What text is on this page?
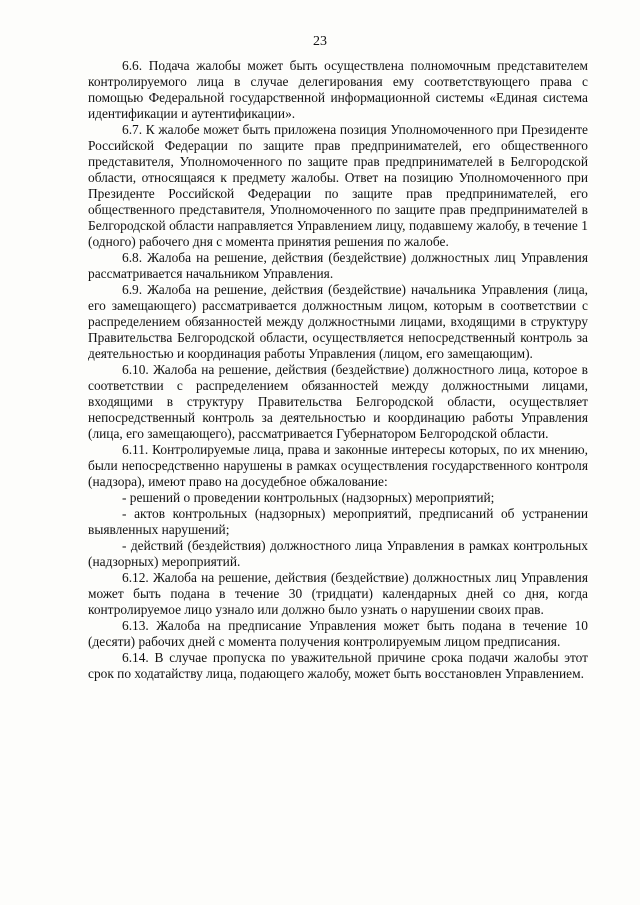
23

6.6. Подача жалобы может быть осуществлена полномочным представителем контролируемого лица в случае делегирования ему соответствующего права с помощью Федеральной государственной информационной системы «Единая система идентификации и аутентификации».

6.7. К жалобе может быть приложена позиция Уполномоченного при Президенте Российской Федерации по защите прав предпринимателей, его общественного представителя, Уполномоченного по защите прав предпринимателей в Белгородской области, относящаяся к предмету жалобы. Ответ на позицию Уполномоченного при Президенте Российской Федерации по защите прав предпринимателей, его общественного представителя, Уполномоченного по защите прав предпринимателей в Белгородской области направляется Управлением лицу, подавшему жалобу, в течение 1 (одного) рабочего дня с момента принятия решения по жалобе.

6.8. Жалоба на решение, действия (бездействие) должностных лиц Управления рассматривается начальником Управления.

6.9. Жалоба на решение, действия (бездействие) начальника Управления (лица, его замещающего) рассматривается должностным лицом, которым в соответствии с распределением обязанностей между должностными лицами, входящими в структуру Правительства Белгородской области, осуществляется непосредственный контроль за деятельностью и координация работы Управления (лицом, его замещающим).

6.10. Жалоба на решение, действия (бездействие) должностного лица, которое в соответствии с распределением обязанностей между должностными лицами, входящими в структуру Правительства Белгородской области, осуществляет непосредственный контроль за деятельностью и координацию работы Управления (лица, его замещающего), рассматривается Губернатором Белгородской области.

6.11. Контролируемые лица, права и законные интересы которых, по их мнению, были непосредственно нарушены в рамках осуществления государственного контроля (надзора), имеют право на досудебное обжалование:

- решений о проведении контрольных (надзорных) мероприятий;

- актов контрольных (надзорных) мероприятий, предписаний об устранении выявленных нарушений;

- действий (бездействия) должностного лица Управления в рамках контрольных (надзорных) мероприятий.

6.12. Жалоба на решение, действия (бездействие) должностных лиц Управления может быть подана в течение 30 (тридцати) календарных дней со дня, когда контролируемое лицо узнало или должно было узнать о нарушении своих прав.

6.13. Жалоба на предписание Управления может быть подана в течение 10 (десяти) рабочих дней с момента получения контролируемым лицом предписания.

6.14. В случае пропуска по уважительной причине срока подачи жалобы этот срок по ходатайству лица, подающего жалобу, может быть восстановлен Управлением.
